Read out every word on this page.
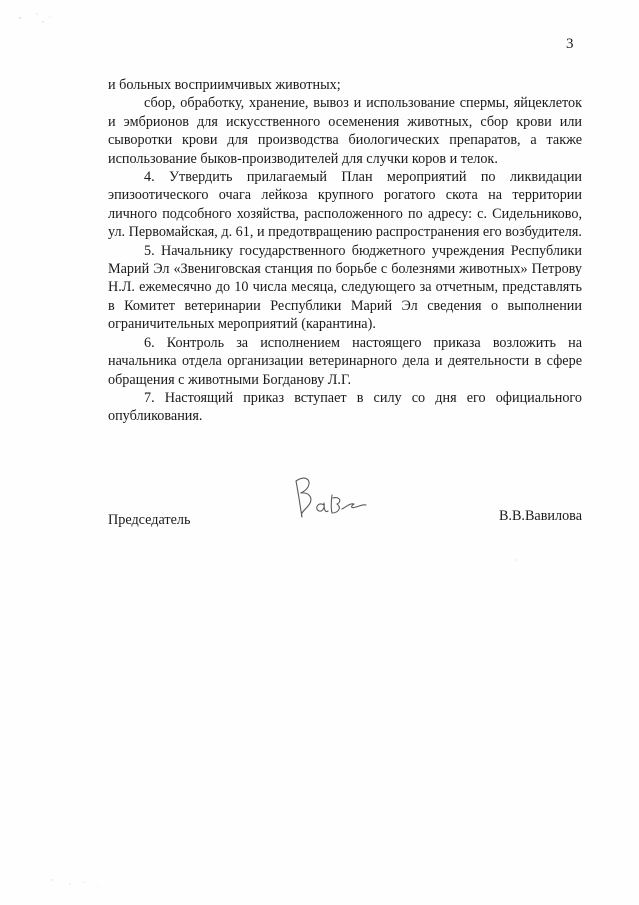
3

и больных восприимчивых животных;

сбор, обработку, хранение, вывоз и использование спермы, яйцеклеток и эмбрионов для искусственного осеменения животных, сбор крови или сыворотки крови для производства биологических препаратов, а также использование быков-производителей для случки коров и телок.

4. Утвердить прилагаемый План мероприятий по ликвидации эпизоотического очага лейкоза крупного рогатого скота на территории личного подсобного хозяйства, расположенного по адресу: с. Сидельниково, ул. Первомайская, д. 61, и предотвращению распространения его возбудителя.

5. Начальнику государственного бюджетного учреждения Республики Марий Эл «Звениговская станция по борьбе с болезнями животных» Петрову Н.Л. ежемесячно до 10 числа месяца, следующего за отчетным, представлять в Комитет ветеринарии Республики Марий Эл сведения о выполнении ограничительных мероприятий (карантина).

6. Контроль за исполнением настоящего приказа возложить на начальника отдела организации ветеринарного дела и деятельности в сфере обращения с животными Богданову Л.Г.

7. Настоящий приказ вступает в силу со дня его официального опубликования.

Председатель	В.В.Вавилова
